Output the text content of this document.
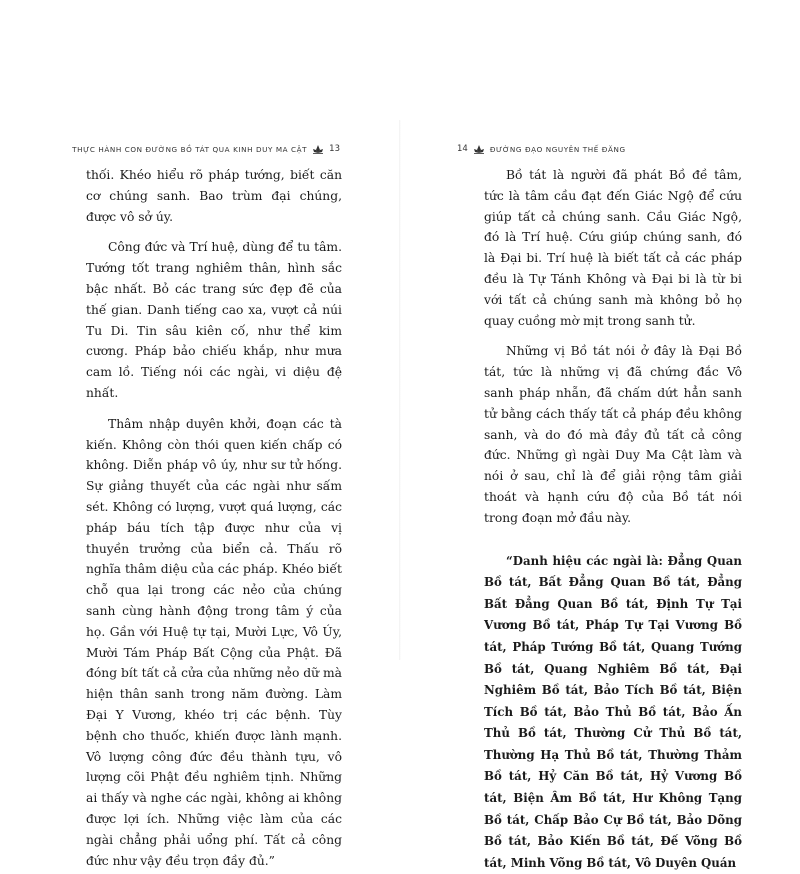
THỰC HÀNH CON ĐƯỜNG BỒ TÁT QUA KINH DUY MA CẬT	13

thối. Khéo hiểu rõ pháp tướng, biết căn cơ chúng sanh. Bao trùm đại chúng, được vô sở úy.

Công đức và Trí huệ, dùng để tu tâm. Tướng tốt trang nghiêm thân, hình sắc bậc nhất. Bỏ các trang sức đẹp đẽ của thế gian. Danh tiếng cao xa, vượt cả núi Tu Di. Tin sâu kiên cố, như thể kim cương. Pháp bảo chiếu khắp, như mưa cam lồ. Tiếng nói các ngài, vi diệu đệ nhất.

Thâm nhập duyên khởi, đoạn các tà kiến. Không còn thói quen kiến chấp có không. Diễn pháp vô úy, như sư tử hống. Sự giảng thuyết của các ngài như sấm sét. Không có lượng, vượt quá lượng, các pháp báu tích tập được như của vị thuyền trưởng của biển cả. Thấu rõ nghĩa thâm diệu của các pháp. Khéo biết chỗ qua lại trong các nẻo của chúng sanh cùng hành động trong tâm ý của họ. Gần với Huệ tự tại, Mười Lực, Vô Úy, Mười Tám Pháp Bất Cộng của Phật. Đã đóng bít tất cả cửa của những nẻo dữ mà hiện thân sanh trong năm đường. Làm Đại Y Vương, khéo trị các bệnh. Tùy bệnh cho thuốc, khiến được lành mạnh. Vô lượng công đức đều thành tựu, vô lượng cõi Phật đều nghiêm tịnh. Những ai thấy và nghe các ngài, không ai không được lợi ích. Những việc làm của các ngài chẳng phải uổng phí. Tất cả công đức như vậy đều trọn đầy đủ.”

14	ĐƯỜNG ĐẠO NGUYÊN THẾ ĐĂNG

Bồ tát là người đã phát Bồ đề tâm, tức là tâm cầu đạt đến Giác Ngộ để cứu giúp tất cả chúng sanh. Cầu Giác Ngộ, đó là Trí huệ. Cứu giúp chúng sanh, đó là Đại bi. Trí huệ là biết tất cả các pháp đều là Tự Tánh Không và Đại bi là từ bi với tất cả chúng sanh mà không bỏ họ quay cuồng mờ mịt trong sanh tử.

Những vị Bồ tát nói ở đây là Đại Bồ tát, tức là những vị đã chứng đắc Vô sanh pháp nhẫn, đã chấm dứt hẳn sanh tử bằng cách thấy tất cả pháp đều không sanh, và do đó mà đầy đủ tất cả công đức. Những gì ngài Duy Ma Cật làm và nói ở sau, chỉ là để giải rộng tâm giải thoát và hạnh cứu độ của Bồ tát nói trong đoạn mở đầu này.

“Danh hiệu các ngài là: Đẳng Quan Bồ tát, Bất Đẳng Quan Bồ tát, Đẳng Bất Đẳng Quan Bồ tát, Định Tự Tại Vương Bồ tát, Pháp Tự Tại Vương Bồ tát, Pháp Tướng Bồ tát, Quang Tướng Bồ tát, Quang Nghiêm Bồ tát, Đại Nghiêm Bồ tát, Bảo Tích Bồ tát, Biện Tích Bồ tát, Bảo Thủ Bồ tát, Bảo Ấn Thủ Bồ tát, Thường Cử Thủ Bồ tát, Thường Hạ Thủ Bồ tát, Thường Thảm Bồ tát, Hỷ Căn Bồ tát, Hỷ Vương Bồ tát, Biện Âm Bồ tát, Hư Không Tạng Bồ tát, Chấp Bảo Cự Bồ tát, Bảo Dõng Bồ tát, Bảo Kiến Bồ tát, Đế Võng Bồ tát, Minh Võng Bồ tát, Vô Duyên Quán
